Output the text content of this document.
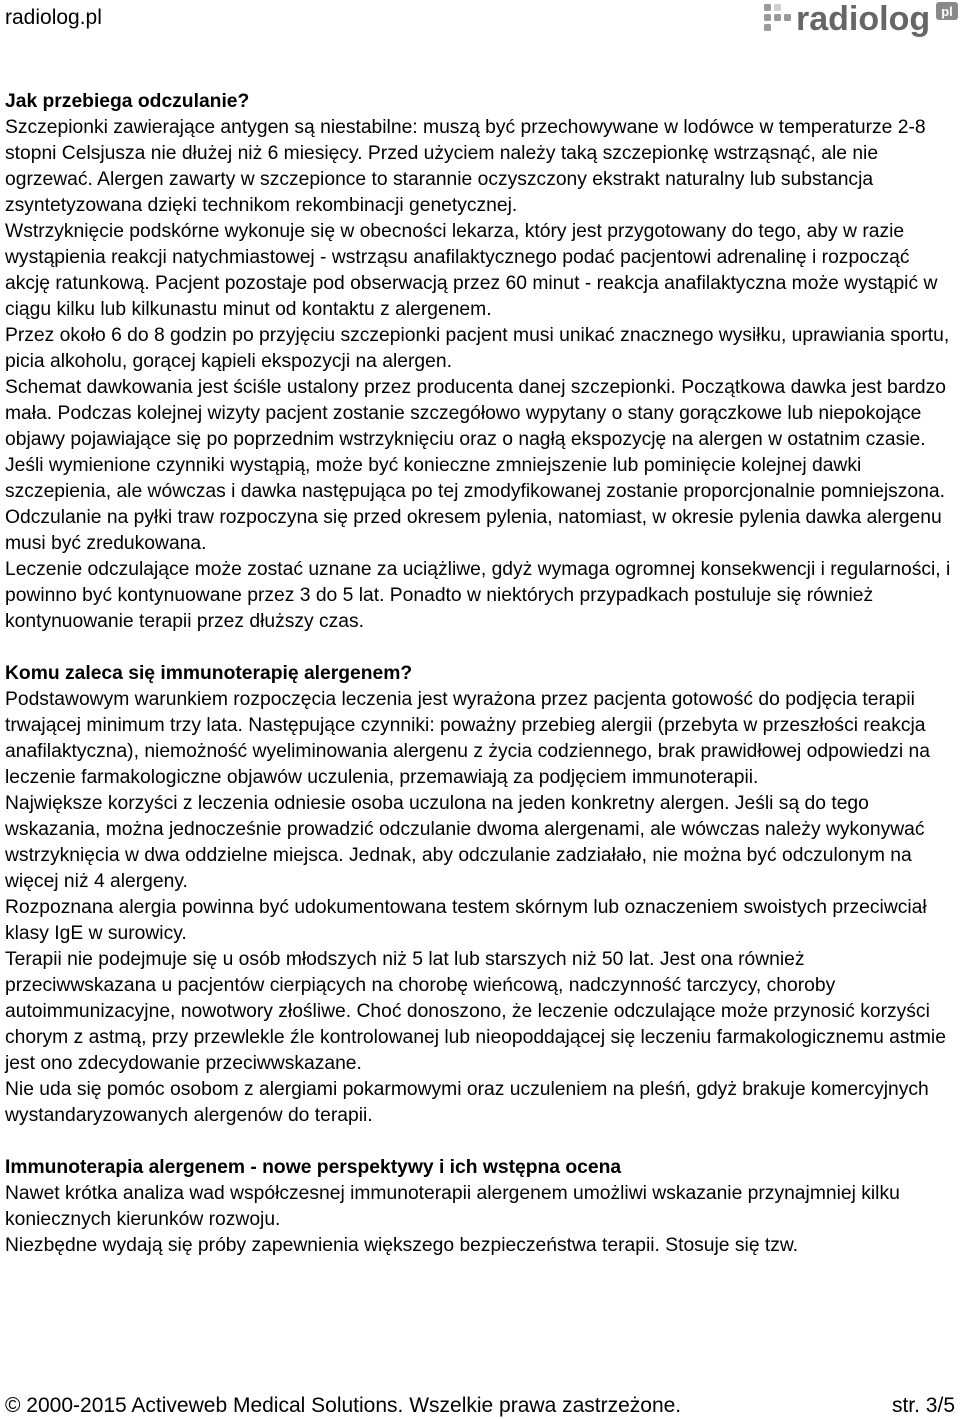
radiolog.pl	radiolog pl
Jak przebiega odczulanie?

Szczepionki zawierające antygen są niestabilne: muszą być przechowywane w lodówce w temperaturze 2-8 stopni Celsjusza nie dłużej niż 6 miesięcy. Przed użyciem należy taką szczepionkę wstrząsnąć, ale nie ogrzewać. Alergen zawarty w szczepionce to starannie oczyszczony ekstrakt naturalny lub substancja zsyntetyzowana dzięki technikom rekombinacji genetycznej.

Wstrzyknięcie podskórne wykonuje się w obecności lekarza, który jest przygotowany do tego, aby w razie wystąpienia reakcji natychmiastowej - wstrząsu anafilaktycznego podać pacjentowi adrenalinę i rozpocząć akcję ratunkową. Pacjent pozostaje pod obserwacją przez 60 minut - reakcja anafilaktyczna może wystąpić w ciągu kilku lub kilkunastu minut od kontaktu z alergenem.

Przez około 6 do 8 godzin po przyjęciu szczepionki pacjent musi unikać znacznego wysiłku, uprawiania sportu, picia alkoholu, gorącej kąpieli ekspozycji na alergen.

Schemat dawkowania jest ściśle ustalony przez producenta danej szczepionki. Początkowa dawka jest bardzo mała. Podczas kolejnej wizyty pacjent zostanie szczegółowo wypytany o stany gorączkowe lub niepokojące objawy pojawiające się po poprzednim wstrzyknięciu oraz o nagłą ekspozycję na alergen w ostatnim czasie. Jeśli wymienione czynniki wystąpią, może być konieczne zmniejszenie lub pominięcie kolejnej dawki szczepienia, ale wówczas i dawka następująca po tej zmodyfikowanej zostanie proporcjonalnie pomniejszona.

Odczulanie na pyłki traw rozpoczyna się przed okresem pylenia, natomiast, w okresie pylenia dawka alergenu musi być zredukowana.

Leczenie odczulające może zostać uznane za uciążliwe, gdyż wymaga ogromnej konsekwencji i regularności, i powinno być kontynuowane przez 3 do 5 lat. Ponadto w niektórych przypadkach postuluje się również kontynuowanie terapii przez dłuższy czas.

Komu zaleca się immunoterapię alergenem?

Podstawowym warunkiem rozpoczęcia leczenia jest wyrażona przez pacjenta gotowość do podjęcia terapii trwającej minimum trzy lata. Następujące czynniki: poważny przebieg alergii (przebyta w przeszłości reakcja anafilaktyczna), niemożność wyeliminowania alergenu z życia codziennego, brak prawidłowej odpowiedzi na leczenie farmakologiczne objawów uczulenia, przemawiają za podjęciem immunoterapii.

Największe korzyści z leczenia odniesie osoba uczulona na jeden konkretny alergen. Jeśli są do tego wskazania, można jednocześnie prowadzić odczulanie dwoma alergenami, ale wówczas należy wykonywać wstrzyknięcia w dwa oddzielne miejsca. Jednak, aby odczulanie zadziałało, nie można być odczulonym na więcej niż 4 alergeny.

Rozpoznana alergia powinna być udokumentowana testem skórnym lub oznaczeniem swoistych przeciwciał klasy IgE w surowicy.

Terapii nie podejmuje się u osób młodszych niż 5 lat lub starszych niż 50 lat. Jest ona również przeciwwskazana u pacjentów cierpiących na chorobę wieńcową, nadczynność tarczycy, choroby autoimmunizacyjne, nowotwory złośliwe. Choć donoszono, że leczenie odczulające może przynosić korzyści chorym z astmą, przy przewlekle źle kontrolowanej lub nieopoddającej się leczeniu farmakologicznemu astmie jest ono zdecydowanie przeciwwskazane.

Nie uda się pomóc osobom z alergiami pokarmowymi oraz uczuleniem na pleśń, gdyż brakuje komercyjnych wystandaryzowanych alergenów do terapii.

Immunoterapia alergenem - nowe perspektywy i ich wstępna ocena

Nawet krótka analiza wad współczesnej immunoterapii alergenem umożliwi wskazanie przynajmniej kilku koniecznych kierunków rozwoju.

Niezbędne wydają się próby zapewnienia większego bezpieczeństwa terapii. Stosuje się tzw.

© 2000-2015 Activeweb Medical Solutions. Wszelkie prawa zastrzeżone.	str. 3/5
